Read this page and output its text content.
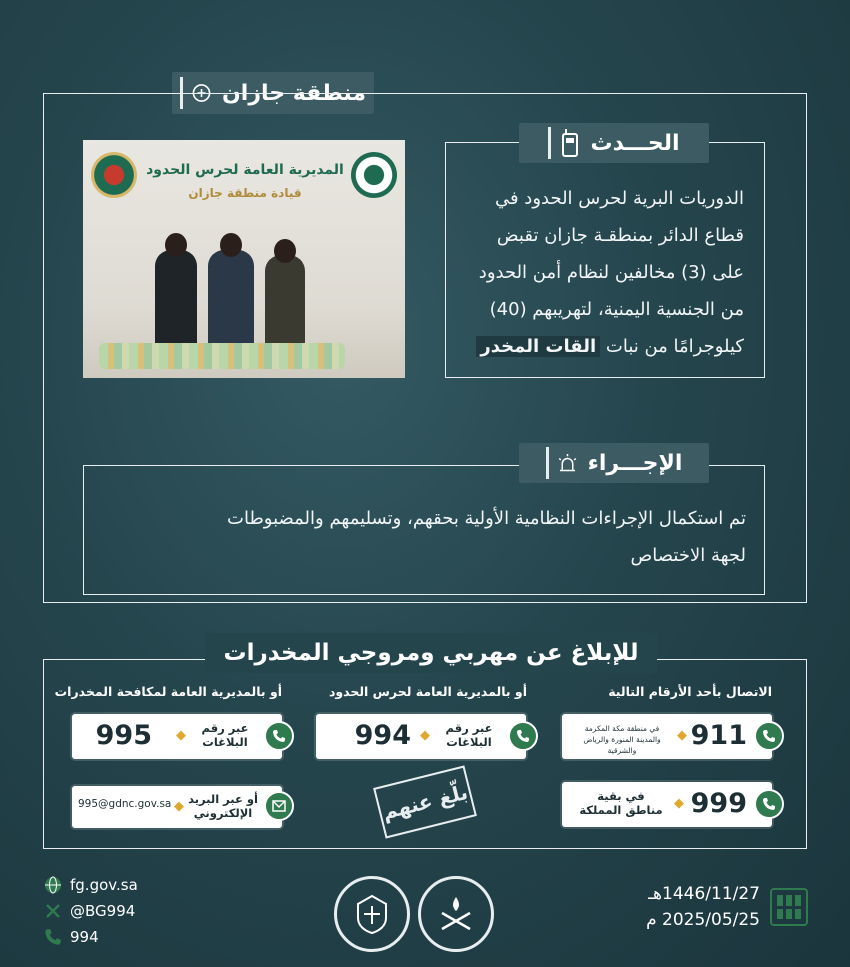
منطقة جازان
الحـــدث
الدوريات البرية لحرس الحدود في
قطاع الدائر بمنطقـة جازان تقبض
على (3) مخالفين لنظام أمن الحدود
من الجنسية اليمنية، لتهريبهم (40)
كيلوجرامًا من نبات القات المخدر
المديرية العامة لحرس الحدود
قيادة منطقة جازان
الإجـــراء
تم استكمال الإجراءات النظامية الأولية بحقهم، وتسليمهم والمضبوطات
لجهة الاختصاص
للإبلاغ عن مهربي ومروجي المخدرات
الاتصال بأحد الأرقام التالية
أو بالمديرية العامة لحرس الحدود
أو بالمديرية العامة لمكافحة المخدرات
911
◆
في منطقة مكة المكرمة والمدينة المنورة والرياض والشرقية
999
◆
في بقية
مناطق المملكة
عبر رقم
البلاغات
◆
994
عبر رقم
البلاغات
◆
995
أو عبر البريد
الإلكتروني
◆
995@gdnc.gov.sa	بلّغ عنهم
fg.gov.sa
@BG994
994
1446/11/27هـ
2025/05/25 م
